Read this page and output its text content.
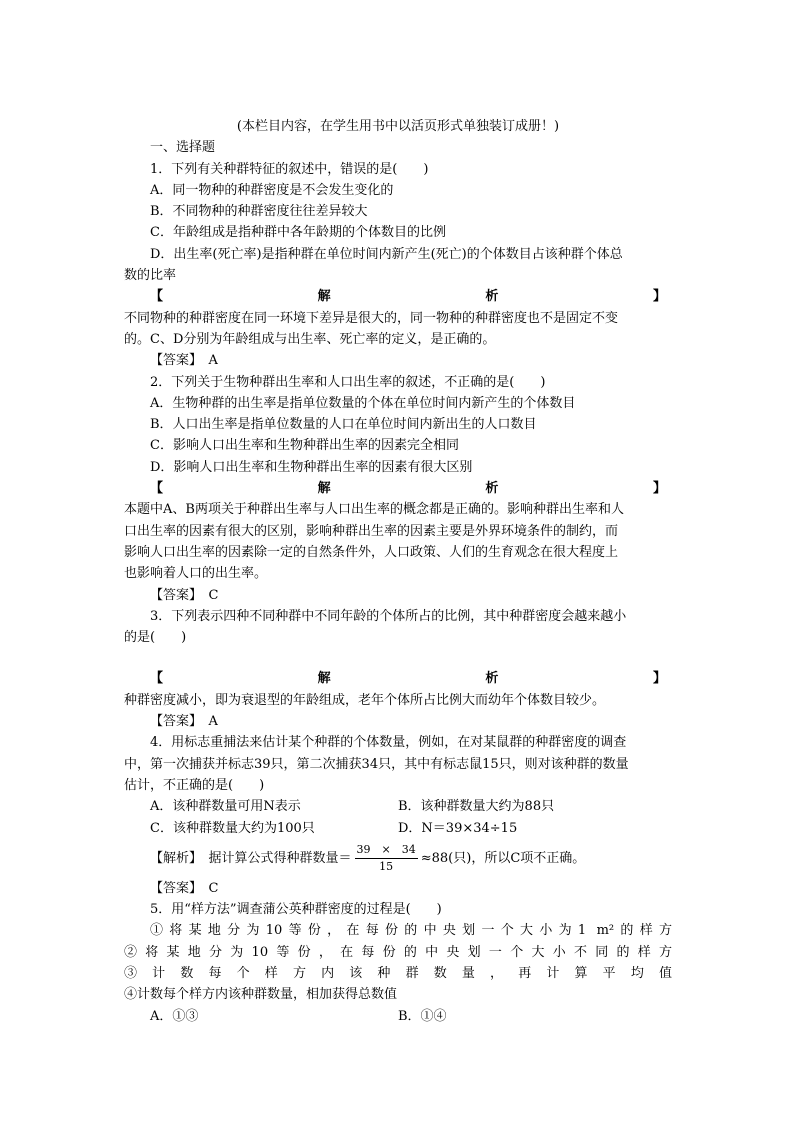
(本栏目内容，在学生用书中以活页形式单独装订成册！)
一、选择题
1．下列有关种群特征的叙述中，错误的是(　　)
A．同一物种的种群密度是不会发生变化的
B．不同物种的种群密度往往差异较大
C．年龄组成是指种群中各年龄期的个体数目的比例
D．出生率(死亡率)是指种群在单位时间内新产生(死亡)的个体数目占该种群个体总
数的比率
【	解	析	】
不同物种的种群密度在同一环境下差异是很大的，同一物种的种群密度也不是固定不变
的。C、D分别为年龄组成与出生率、死亡率的定义，是正确的。
【答案】　A
2．下列关于生物种群出生率和人口出生率的叙述，不正确的是(　　)
A．生物种群的出生率是指单位数量的个体在单位时间内新产生的个体数目
B．人口出生率是指单位数量的人口在单位时间内新出生的人口数目
C．影响人口出生率和生物种群出生率的因素完全相同
D．影响人口出生率和生物种群出生率的因素有很大区别
【	解	析	】
本题中A、B两项关于种群出生率与人口出生率的概念都是正确的。影响种群出生率和人
口出生率的因素有很大的区别，影响种群出生率的因素主要是外界环境条件的制约，而
影响人口出生率的因素除一定的自然条件外，人口政策、人们的生育观念在很大程度上
也影响着人口的出生率。
【答案】　C
3．下列表示四种不同种群中不同年龄的个体所占的比例，其中种群密度会越来越小
的是(　　)
【	解	析	】
种群密度减小，即为衰退型的年龄组成，老年个体所占比例大而幼年个体数目较少。
【答案】　A
4．用标志重捕法来估计某个种群的个体数量，例如，在对某鼠群的种群密度的调查
中，第一次捕获并标志39只，第二次捕获34只，其中有标志鼠15只，则对该种群的数量
估计，不正确的是(　　)
A．该种群数量可用N表示	B．该种群数量大约为88只
C．该种群数量大约为100只	D．N＝39×34÷15
【解析】　据计算公式得种群数量＝ $\frac{39 \times 34}{15} \approx 88$(只)，所以C项不正确。
【答案】　C
5．用“样方法”调查蒲公英种群密度的过程是(　　)
①将某地分为10等份，在每份的中央划一个大小为1 m²的样方
②将某地分为10等份，在每份的中央划一个大小不同的样方
③计数每个样方内该种群数量，再计算平均值
④计数每个样方内该种群数量，相加获得总数值
A．①③	B．①④
